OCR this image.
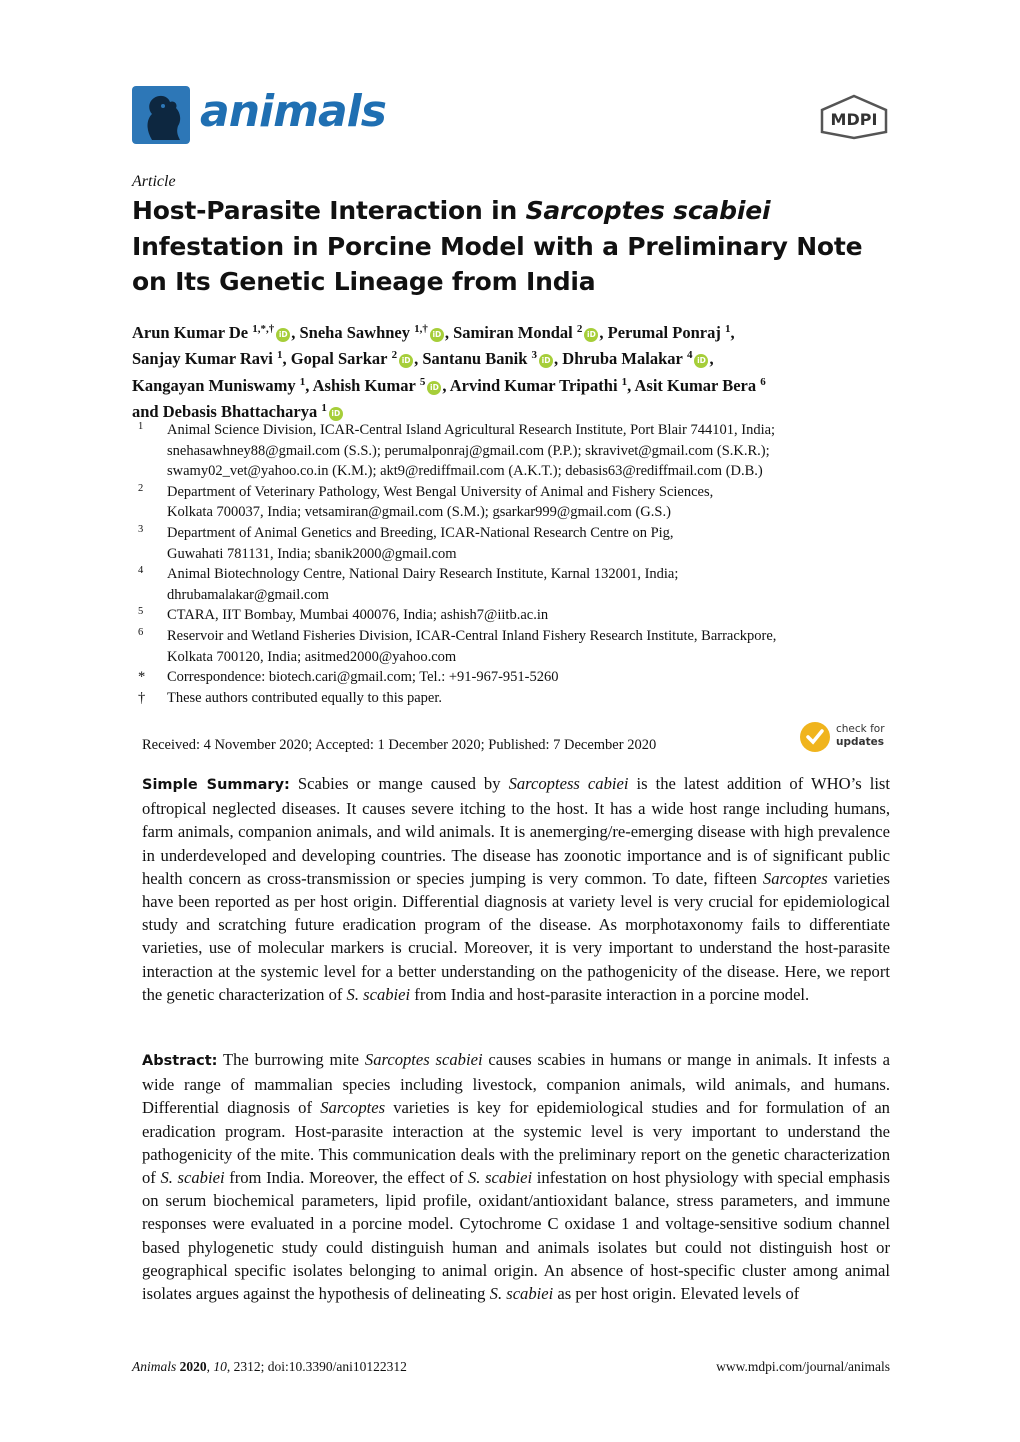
animals	MDPI
Article
Host-Parasite Interaction in Sarcoptes scabiei Infestation in Porcine Model with a Preliminary Note on Its Genetic Lineage from India
Arun Kumar De $^{1,*,\dagger}$ iD , Sneha Sawhney $^{1,\dagger}$ iD , Samiran Mondal $^2$ iD , Perumal Ponraj $^1$,
Sanjay Kumar Ravi $^1$, Gopal Sarkar $^2$ iD , Santanu Banik $^3$ iD , Dhruba Malakar $^4$ iD ,
Kangayan Muniswamy $^1$, Ashish Kumar $^5$ iD , Arvind Kumar Tripathi $^1$, Asit Kumar Bera $^6$
and Debasis Bhattacharya $^1$ iD
1 Animal Science Division, ICAR-Central Island Agricultural Research Institute, Port Blair 744101, India;
snehasawhney88@gmail.com (S.S.); perumalponraj@gmail.com (P.P.); skravivet@gmail.com (S.K.R.);
swamy02_vet@yahoo.co.in (K.M.); akt9@rediffmail.com (A.K.T.); debasis63@rediffmail.com (D.B.)
2 Department of Veterinary Pathology, West Bengal University of Animal and Fishery Sciences,
Kolkata 700037, India; vetsamiran@gmail.com (S.M.); gsarkar999@gmail.com (G.S.)
3 Department of Animal Genetics and Breeding, ICAR-National Research Centre on Pig,
Guwahati 781131, India; sbanik2000@gmail.com
4 Animal Biotechnology Centre, National Dairy Research Institute, Karnal 132001, India;
dhrubamalakar@gmail.com
5 CTARA, IIT Bombay, Mumbai 400076, India; ashish7@iitb.ac.in
6 Reservoir and Wetland Fisheries Division, ICAR-Central Inland Fishery Research Institute, Barrackpore,
Kolkata 700120, India; asitmed2000@yahoo.com
* Correspondence: biotech.cari@gmail.com; Tel.: +91-967-951-5260
† These authors contributed equally to this paper.
Received: 4 November 2020; Accepted: 1 December 2020; Published: 7 December 2020
check for
updates
Simple Summary: Scabies or mange caused by Sarcoptess cabiei is the latest addition of WHO’s list oftropical neglected diseases. It causes severe itching to the host. It has a wide host range including humans, farm animals, companion animals, and wild animals. It is anemerging/re-emerging disease with high prevalence in underdeveloped and developing countries. The disease has zoonotic importance and is of significant public health concern as cross-transmission or species jumping is very common. To date, fifteen Sarcoptes varieties have been reported as per host origin. Differential diagnosis at variety level is very crucial for epidemiological study and scratching future eradication program of the disease. As morphotaxonomy fails to differentiate varieties, use of molecular markers is crucial. Moreover, it is very important to understand the host-parasite interaction at the systemic level for a better understanding on the pathogenicity of the disease. Here, we report the genetic characterization of S. scabiei from India and host-parasite interaction in a porcine model.
Abstract: The burrowing mite Sarcoptes scabiei causes scabies in humans or mange in animals. It infests a wide range of mammalian species including livestock, companion animals, wild animals, and humans. Differential diagnosis of Sarcoptes varieties is key for epidemiological studies and for formulation of an eradication program. Host-parasite interaction at the systemic level is very important to understand the pathogenicity of the mite. This communication deals with the preliminary report on the genetic characterization of S. scabiei from India. Moreover, the effect of S. scabiei infestation on host physiology with special emphasis on serum biochemical parameters, lipid profile, oxidant/antioxidant balance, stress parameters, and immune responses were evaluated in a porcine model. Cytochrome C oxidase 1 and voltage-sensitive sodium channel based phylogenetic study could distinguish human and animals isolates but could not distinguish host or geographical specific isolates belonging to animal origin. An absence of host-specific cluster among animal isolates argues against the hypothesis of delineating S. scabiei as per host origin. Elevated levels of
Animals 2020, 10, 2312; doi:10.3390/ani10122312	www.mdpi.com/journal/animals
